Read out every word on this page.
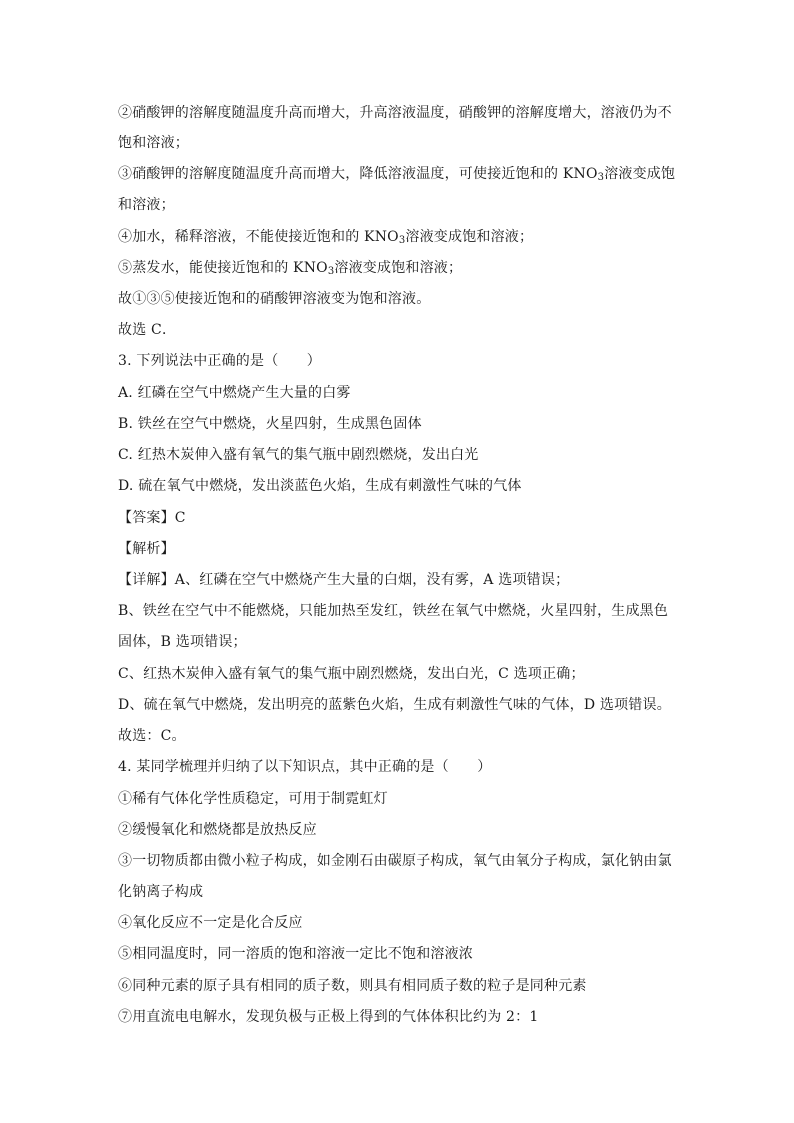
②硝酸钾的溶解度随温度升高而增大，升高溶液温度，硝酸钾的溶解度增大，溶液仍为不
饱和溶液；
③硝酸钾的溶解度随温度升高而增大，降低溶液温度，可使接近饱和的 $KNO_3$溶液变成饱
和溶液；
④加水，稀释溶液，不能使接近饱和的 $KNO_3$溶液变成饱和溶液；
⑤蒸发水，能使接近饱和的 $KNO_3$溶液变成饱和溶液；
故①③⑤使接近饱和的硝酸钾溶液变为饱和溶液。
故选 C．
3. 下列说法中正确的是（　　）
A. 红磷在空气中燃烧产生大量的白雾
B. 铁丝在空气中燃烧，火星四射，生成黑色固体
C. 红热木炭伸入盛有氧气的集气瓶中剧烈燃烧，发出白光
D. 硫在氧气中燃烧，发出淡蓝色火焰，生成有刺激性气味的气体
【答案】C
【解析】
【详解】A、红磷在空气中燃烧产生大量的白烟，没有雾，A 选项错误；
B、铁丝在空气中不能燃烧，只能加热至发红，铁丝在氧气中燃烧，火星四射，生成黑色
固体，B 选项错误；
C、红热木炭伸入盛有氧气的集气瓶中剧烈燃烧，发出白光，C 选项正确；
D、硫在氧气中燃烧，发出明亮的蓝紫色火焰，生成有刺激性气味的气体，D 选项错误。
故选：C。
4. 某同学梳理并归纳了以下知识点，其中正确的是（　　）
①稀有气体化学性质稳定，可用于制霓虹灯
②缓慢氧化和燃烧都是放热反应
③一切物质都由微小粒子构成，如金刚石由碳原子构成，氧气由氧分子构成，氯化钠由氯
化钠离子构成
④氧化反应不一定是化合反应
⑤相同温度时，同一溶质的饱和溶液一定比不饱和溶液浓
⑥同种元素的原子具有相同的质子数，则具有相同质子数的粒子是同种元素
⑦用直流电电解水，发现负极与正极上得到的气体体积比约为 2：1
